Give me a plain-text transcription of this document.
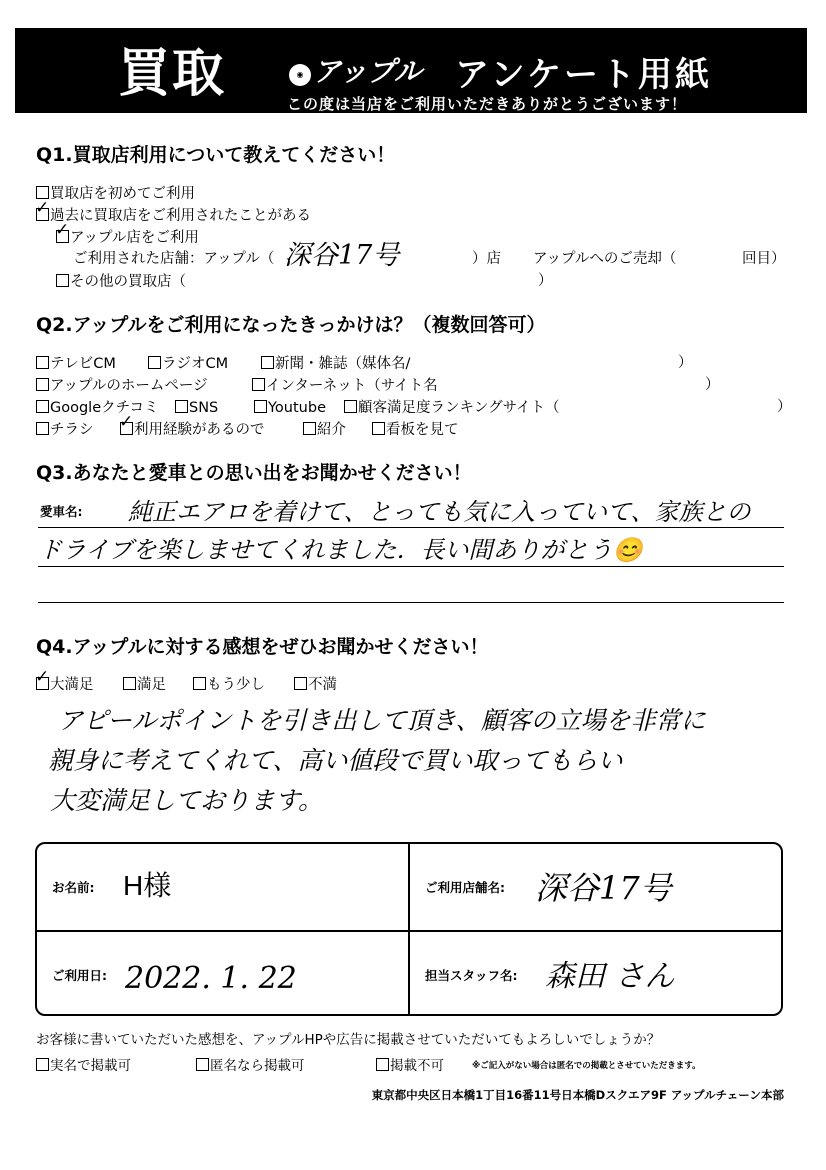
買取	◉ アップル アンケート用紙
この度は当店をご利用いただきありがとうございます！
Q1.買取店利用について教えてください！
買取店を初めてご利用
✓過去に買取店をご利用されたことがある
✓アップル店をご利用
ご利用された店舗：アップル（ 深谷17号	）店 アップルへのご売却（	回目）
その他の買取店（	）
Q2.アップルをご利用になったきっかけは？（複数回答可）
テレビCM	ラジオCM	新聞・雑誌（媒体名/	）
アップルのホームページ	インターネット（サイト名	）
Googleクチコミ	SNS	Youtube	顧客満足度ランキングサイト（	）
チラシ
✓	利用経験があるので	紹介	看板を見て
Q3.あなたと愛車との思い出をお聞かせください！
愛車名: 純正エアロを着けて、とっても気に入っていて、家族との
ドライブを楽しませてくれました．長い間ありがとう😊
Q4.アップルに対する感想をぜひお聞かせください！
✓大満足	満足	もう少し	不満
アピールポイントを引き出して頂き、顧客の立場を非常に
親身に考えてくれて、高い値段で買い取ってもらい
大変満足しております。
お名前: H様	ご利用店舗名: 深谷17号
ご利用日: 2022. 1. 22	担当スタッフ名: 森田 さん
お客様に書いていただいた感想を、アップルHPや広告に掲載させていただいてもよろしいでしょうか？
実名で掲載可	匿名なら掲載可	掲載不可	※ご記入がない場合は匿名での掲載とさせていただきます。
東京都中央区日本橋1丁目16番11号日本橋Dスクエア9F アップルチェーン本部
